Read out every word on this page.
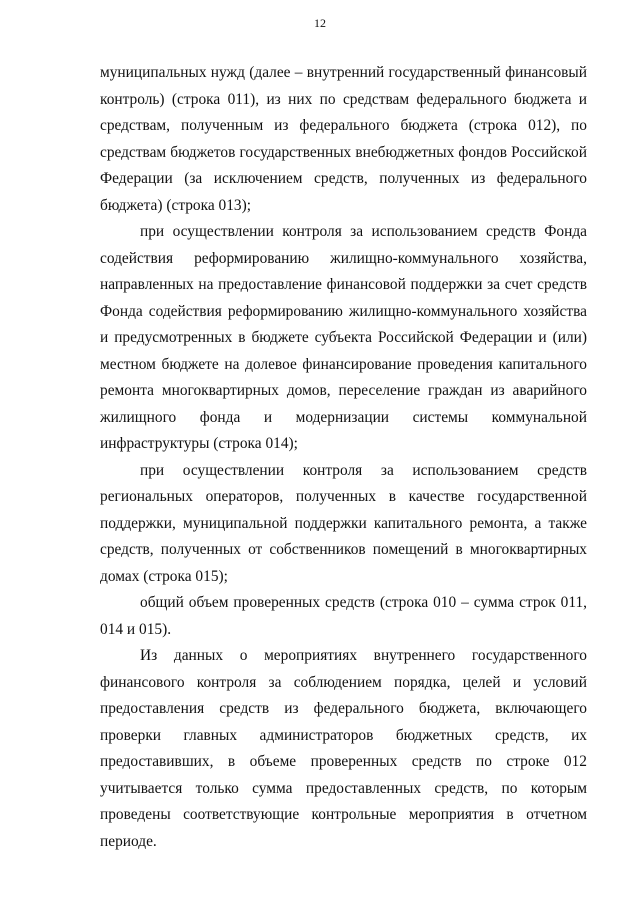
12

муниципальных нужд (далее – внутренний государственный финансовый контроль) (строка 011), из них по средствам федерального бюджета и средствам, полученным из федерального бюджета (строка 012), по средствам бюджетов государственных внебюджетных фондов Российской Федерации (за исключением средств, полученных из федерального бюджета) (строка 013);

при осуществлении контроля за использованием средств Фонда содействия реформированию жилищно-коммунального хозяйства, направленных на предоставление финансовой поддержки за счет средств Фонда содействия реформированию жилищно-коммунального хозяйства и предусмотренных в бюджете субъекта Российской Федерации и (или) местном бюджете на долевое финансирование проведения капитального ремонта многоквартирных домов, переселение граждан из аварийного жилищного фонда и модернизации системы коммунальной инфраструктуры (строка 014);

при осуществлении контроля за использованием средств региональных операторов, полученных в качестве государственной поддержки, муниципальной поддержки капитального ремонта, а также средств, полученных от собственников помещений в многоквартирных домах (строка 015);

общий объем проверенных средств (строка 010 – сумма строк 011, 014 и 015).

Из данных о мероприятиях внутреннего государственного финансового контроля за соблюдением порядка, целей и условий предоставления средств из федерального бюджета, включающего проверки главных администраторов бюджетных средств, их предоставивших, в объеме проверенных средств по строке 012 учитывается только сумма предоставленных средств, по которым проведены соответствующие контрольные мероприятия в отчетном периоде.
